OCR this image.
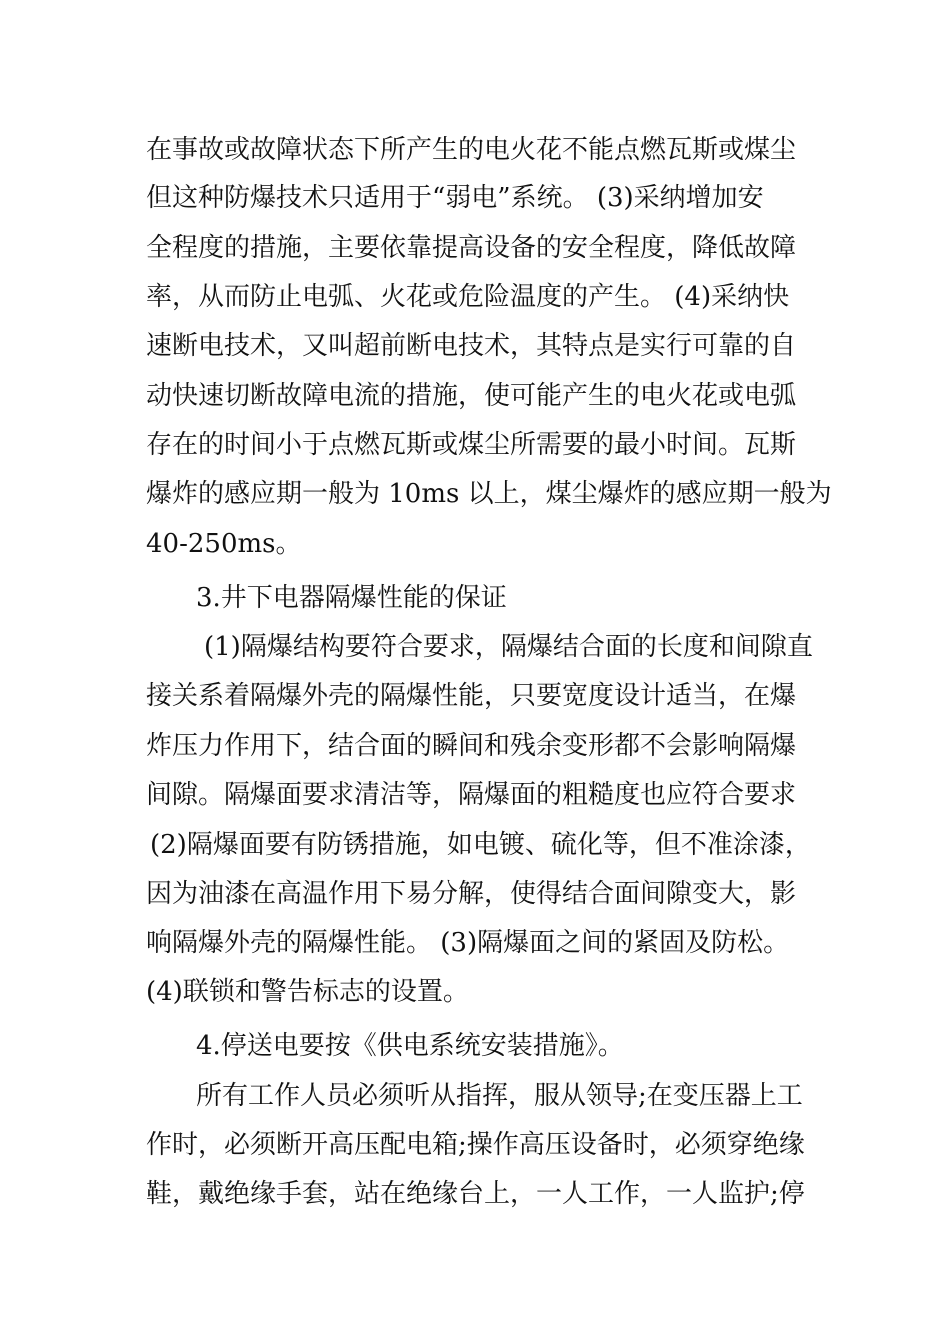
在事故或故障状态下所产生的电火花不能点燃瓦斯或煤尘
但这种防爆技术只适用于“弱电”系统。 (3)采纳增加安
全程度的措施，主要依靠提高设备的安全程度，降低故障
率，从而防止电弧、火花或危险温度的产生。 (4)采纳快
速断电技术，又叫超前断电技术，其特点是实行可靠的自
动快速切断故障电流的措施，使可能产生的电火花或电弧
存在的时间小于点燃瓦斯或煤尘所需要的最小时间。瓦斯
爆炸的感应期一般为 10ms 以上，煤尘爆炸的感应期一般为
40-250ms。
3.井下电器隔爆性能的保证
(1)隔爆结构要符合要求，隔爆结合面的长度和间隙直
接关系着隔爆外壳的隔爆性能，只要宽度设计适当，在爆
炸压力作用下，结合面的瞬间和残余变形都不会影响隔爆
间隙。隔爆面要求清洁等，隔爆面的粗糙度也应符合要求
(2)隔爆面要有防锈措施，如电镀、硫化等，但不准涂漆，
因为油漆在高温作用下易分解，使得结合面间隙变大，影
响隔爆外壳的隔爆性能。 (3)隔爆面之间的紧固及防松。
(4)联锁和警告标志的设置。
4.停送电要按《供电系统安装措施》。
所有工作人员必须听从指挥，服从领导;在变压器上工
作时，必须断开高压配电箱;操作高压设备时，必须穿绝缘
鞋，戴绝缘手套，站在绝缘台上，一人工作，一人监护;停
